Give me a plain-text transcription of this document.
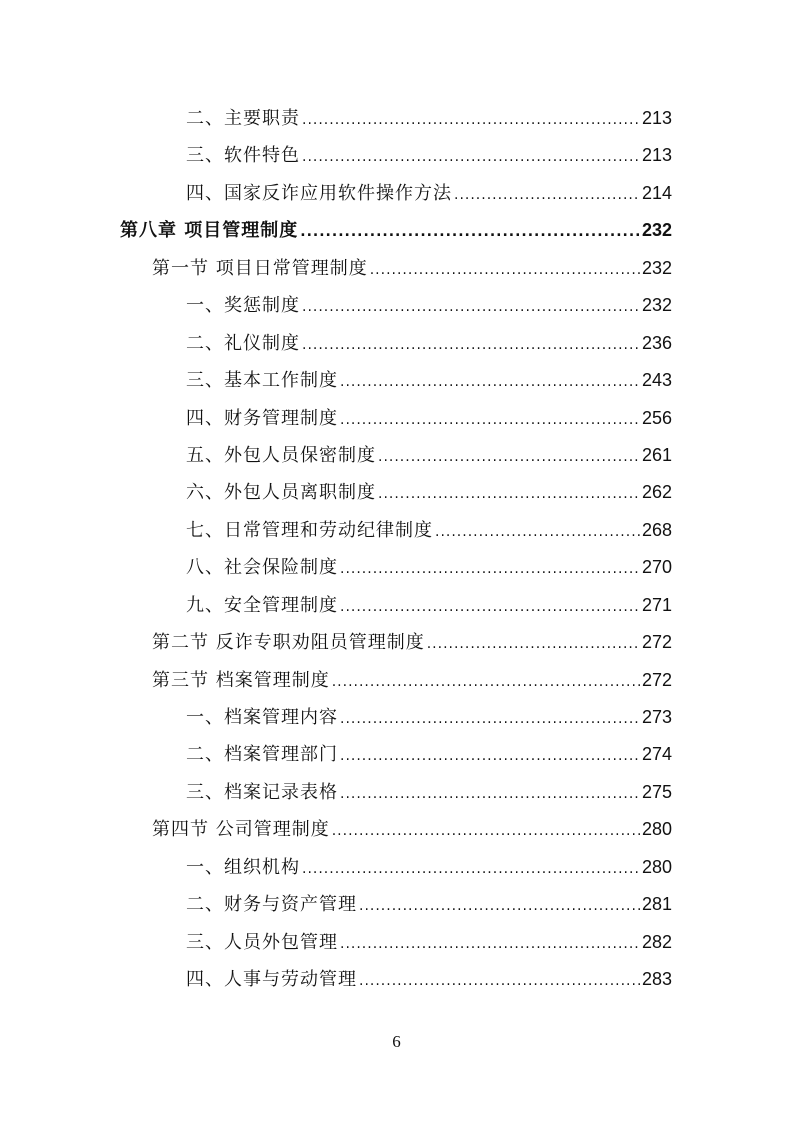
二、主要职责 .....	213
三、软件特色 .....	213
四、国家反诈应用软件操作方法 .....	214
第八章 项目管理制度 .....	232
第一节 项目日常管理制度 .....	232
一、奖惩制度 .....	232
二、礼仪制度 .....	236
三、基本工作制度 .....	243
四、财务管理制度 .....	256
五、外包人员保密制度 .....	261
六、外包人员离职制度 .....	262
七、日常管理和劳动纪律制度 .....	268
八、社会保险制度 .....	270
九、安全管理制度 .....	271
第二节 反诈专职劝阻员管理制度 .....	272
第三节 档案管理制度 .....	272
一、档案管理内容 .....	273
二、档案管理部门 .....	274
三、档案记录表格 .....	275
第四节 公司管理制度 .....	280
一、组织机构 .....	280
二、财务与资产管理 .....	281
三、人员外包管理 .....	282
四、人事与劳动管理 .....	283
6
